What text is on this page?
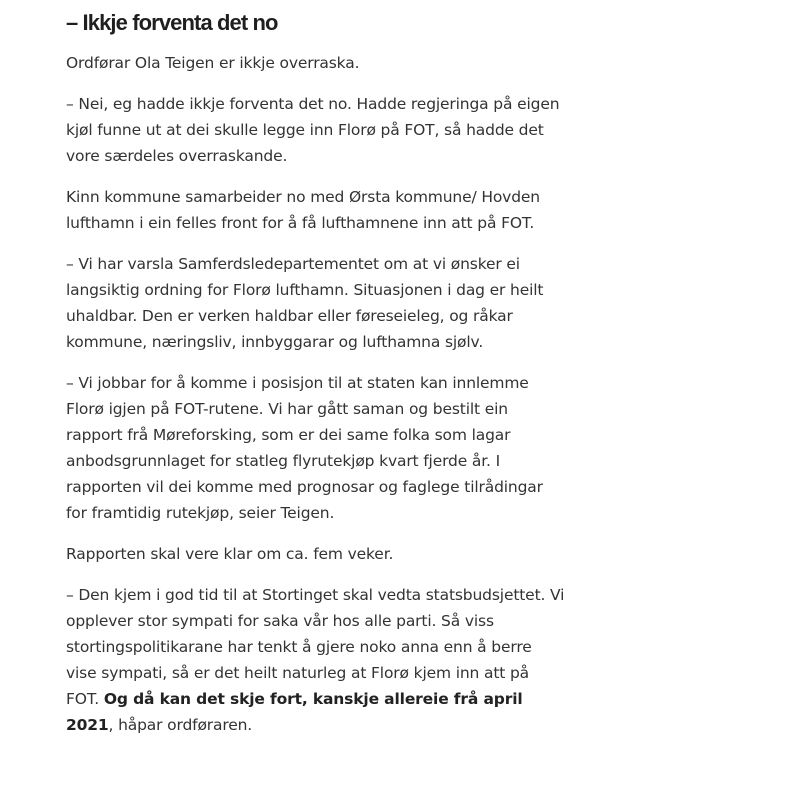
– Ikkje forventa det no

Ordførar Ola Teigen er ikkje overraska.

– Nei, eg hadde ikkje forventa det no. Hadde regjeringa på eigen kjøl funne ut at dei skulle legge inn Florø på FOT, så hadde det vore særdeles overraskande.

Kinn kommune samarbeider no med Ørsta kommune/ Hovden lufthamn i ein felles front for å få lufthamnene inn att på FOT.

– Vi har varsla Samferdsledepartementet om at vi ønsker ei langsiktig ordning for Florø lufthamn. Situasjonen i dag er heilt uhaldbar. Den er verken haldbar eller føreseieleg, og råkar kommune, næringsliv, innbyggarar og lufthamna sjølv.

– Vi jobbar for å komme i posisjon til at staten kan innlemme Florø igjen på FOT-rutene. Vi har gått saman og bestilt ein rapport frå Møreforsking, som er dei same folka som lagar anbodsgrunnlaget for statleg flyrutekjøp kvart fjerde år. I rapporten vil dei komme med prognosar og faglege tilrådingar for framtidig rutekjøp, seier Teigen.

Rapporten skal vere klar om ca. fem veker.

– Den kjem i god tid til at Stortinget skal vedta statsbudsjettet. Vi opplever stor sympati for saka vår hos alle parti. Så viss stortingspolitikarane har tenkt å gjere noko anna enn å berre vise sympati, så er det heilt naturleg at Florø kjem inn att på FOT. Og då kan det skje fort, kanskje allereie frå april 2021, håpar ordføraren.
